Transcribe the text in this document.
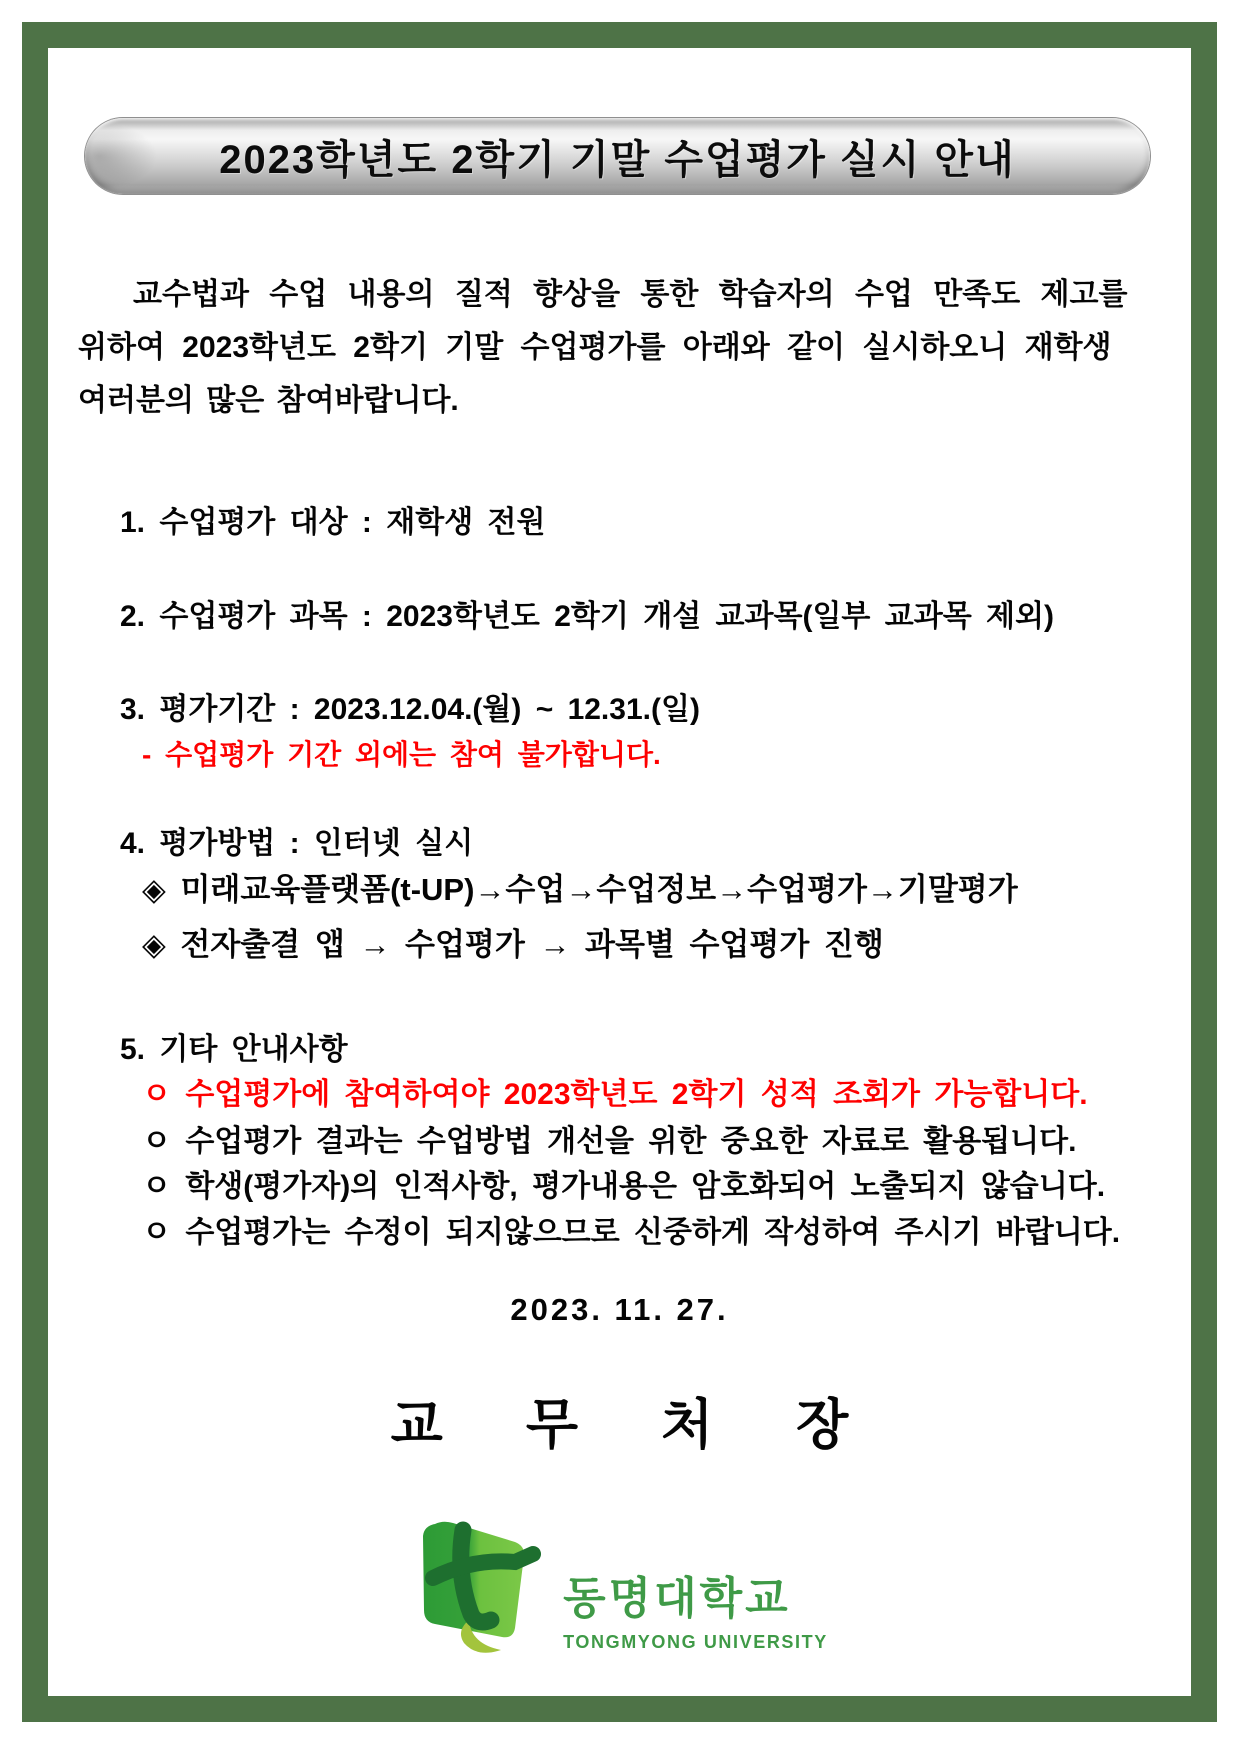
2023학년도 2학기 기말 수업평가 실시 안내
교수법과 수업 내용의 질적 향상을 통한 학습자의 수업 만족도 제고를
위하여 2023학년도 2학기 기말 수업평가를 아래와 같이 실시하오니 재학생
여러분의 많은 참여바랍니다.
1. 수업평가 대상 : 재학생 전원
2. 수업평가 과목 : 2023학년도 2학기 개설 교과목(일부 교과목 제외)
3. 평가기간 : 2023.12.04.(월) ~ 12.31.(일)
- 수업평가 기간 외에는 참여 불가합니다.
4. 평가방법 : 인터넷 실시
◈ 미래교육플랫폼(t-UP)→수업→수업정보→수업평가→기말평가
◈ 전자출결 앱 → 수업평가 → 과목별 수업평가 진행
5. 기타 안내사항
ㅇ 수업평가에 참여하여야 2023학년도 2학기 성적 조회가 가능합니다.
ㅇ 수업평가 결과는 수업방법 개선을 위한 중요한 자료로 활용됩니다.
ㅇ 학생(평가자)의 인적사항, 평가내용은 암호화되어 노출되지 않습니다.
ㅇ 수업평가는 수정이 되지않으므로 신중하게 작성하여 주시기 바랍니다.
2023. 11. 27.
교 무 처 장
동명대학교
TONGMYONG UNIVERSITY
